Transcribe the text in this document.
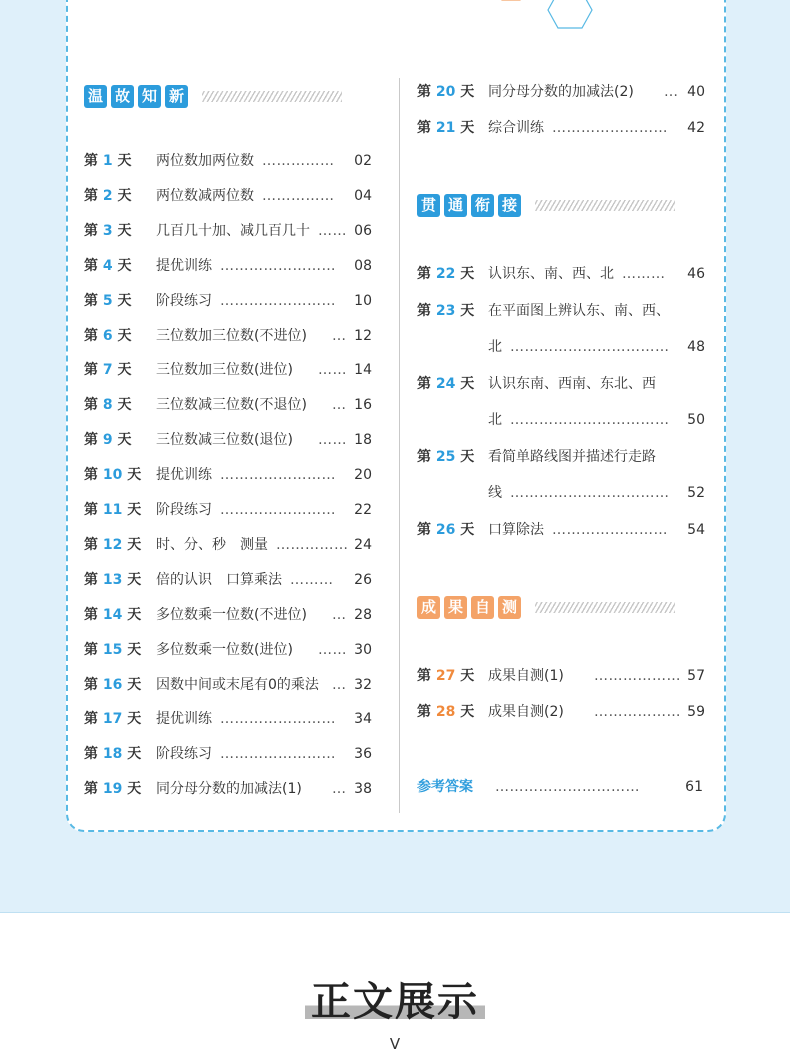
温 故 知 新
贯 通 衔 接
成 果 自 测
第 1 天 两位数加两位数 ……………	02
第 2 天 两位数减两位数 ……………	04
第 3 天 几百几十加、减几百几十 …… 06
第 4 天 提优训练 ……………………	08
第 5 天 阶段练习 ……………………	10
第 6 天 三位数加三位数(不进位) … 12
第 7 天 三位数加三位数(进位) …… 14
第 8 天 三位数减三位数(不退位) … 16
第 9 天 三位数减三位数(退位) …… 18
第 10 天 提优训练 ……………………	20
第 11 天 阶段练习 ……………………	22
第 12 天 时、分、秒　测量 …………… 24
第 13 天 倍的认识　口算乘法 ………	26
第 14 天 多位数乘一位数(不进位) … 28
第 15 天 多位数乘一位数(进位) …… 30
第 16 天 因数中间或末尾有0的乘法 … 32
第 17 天 提优训练 ……………………	34
第 18 天 阶段练习 ……………………	36
第 19 天 同分母分数的加减法(1) … 38
第 20 天 同分母分数的加减法(2) … 40
第 21 天 综合训练 ……………………	42
第 22 天 认识东、南、西、北 ………	46
第 23 天 在平面图上辨认东、南、西、
北 ……………………………	48
第 24 天 认识东南、西南、东北、西
北 ……………………………	50
第 25 天 看简单路线图并描述行走路
线 ……………………………	52
第 26 天 口算除法 ……………………	54
第 27 天 成果自测(1) ……………… 57
第 28 天 成果自测(2) ……………… 59
参考答案 …………………………	61
正文展示
V
